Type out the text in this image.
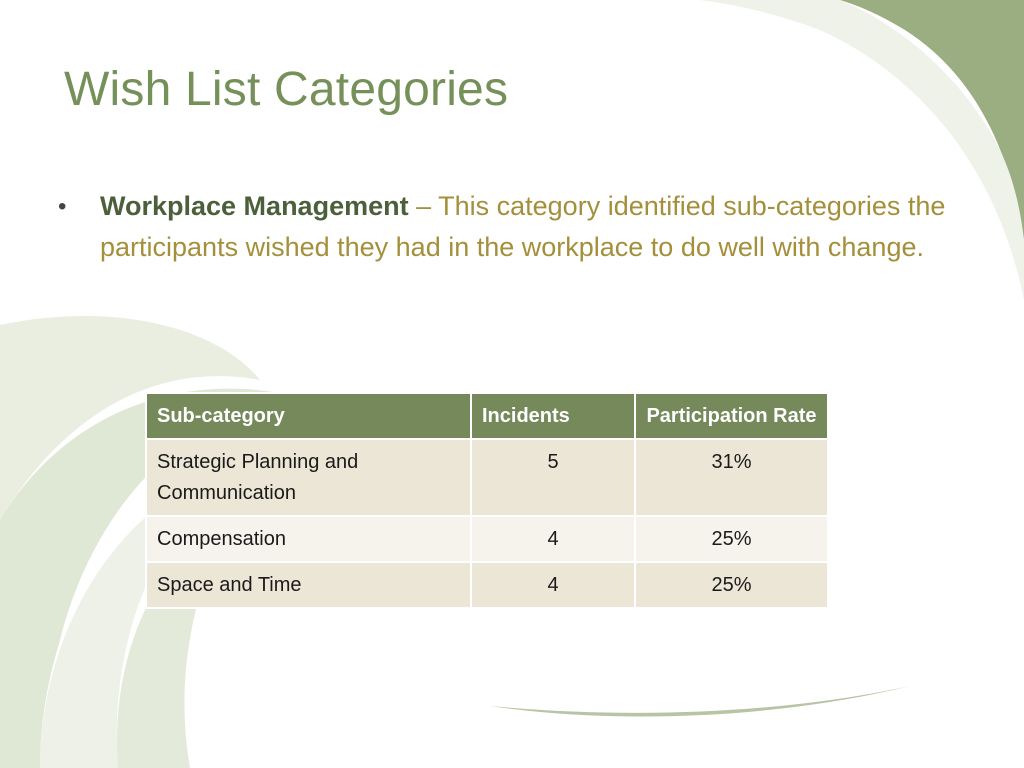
Wish List Categories
•	Workplace Management – This category identified sub-categories the participants wished they had in the workplace to do well with change.
Sub-category	Incidents	Participation Rate
Strategic Planning and Communication	5	31%
Compensation	4	25%
Space and Time	4	25%
